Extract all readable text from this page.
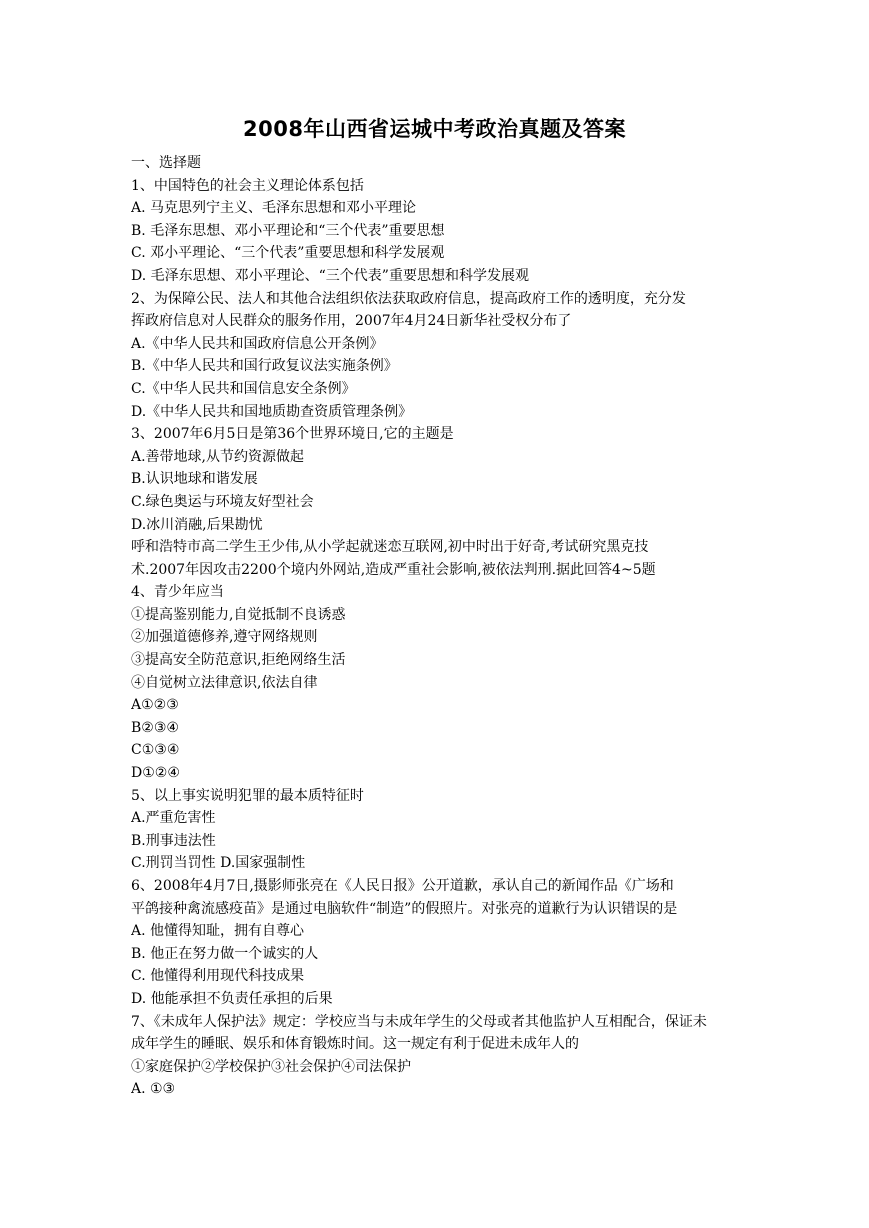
2008年山西省运城中考政治真题及答案
一、选择题
1、中国特色的社会主义理论体系包括
A. 马克思列宁主义、毛泽东思想和邓小平理论
B. 毛泽东思想、邓小平理论和“三个代表”重要思想
C. 邓小平理论、“三个代表”重要思想和科学发展观
D. 毛泽东思想、邓小平理论、“三个代表”重要思想和科学发展观
2、为保障公民、法人和其他合法组织依法获取政府信息，提高政府工作的透明度，充分发
挥政府信息对人民群众的服务作用，2007年4月24日新华社受权分布了
A.《中华人民共和国政府信息公开条例》
B.《中华人民共和国行政复议法实施条例》
C.《中华人民共和国信息安全条例》
D.《中华人民共和国地质勘查资质管理条例》
3、2007年6月5日是第36个世界环境日,它的主题是
A.善带地球,从节约资源做起
B.认识地球和谐发展
C.绿色奥运与环境友好型社会
D.冰川消融,后果勘忧
呼和浩特市高二学生王少伟,从小学起就迷恋互联网,初中时出于好奇,考试研究黑克技
术.2007年因攻击2200个境内外网站,造成严重社会影响,被依法判刑.据此回答4~5题
4、青少年应当
①提高鉴别能力,自觉抵制不良诱惑
②加强道德修养,遵守网络规则
③提高安全防范意识,拒绝网络生活
④自觉树立法律意识,依法自律
A①②③
B②③④
C①③④
D①②④
5、以上事实说明犯罪的最本质特征时
A.严重危害性
B.刑事违法性
C.刑罚当罚性 D.国家强制性
6、2008年4月7日,摄影师张亮在《人民日报》公开道歉，承认自己的新闻作品《广场和
平鸽接种禽流感疫苗》是通过电脑软件“制造”的假照片。对张亮的道歉行为认识错误的是
A. 他懂得知耻，拥有自尊心
B. 他正在努力做一个诚实的人
C. 他懂得利用现代科技成果
D. 他能承担不负责任承担的后果
7、《未成年人保护法》规定：学校应当与未成年学生的父母或者其他监护人互相配合，保证未
成年学生的睡眠、娱乐和体育锻炼时间。这一规定有利于促进未成年人的
①家庭保护②学校保护③社会保护④司法保护
A. ①③
